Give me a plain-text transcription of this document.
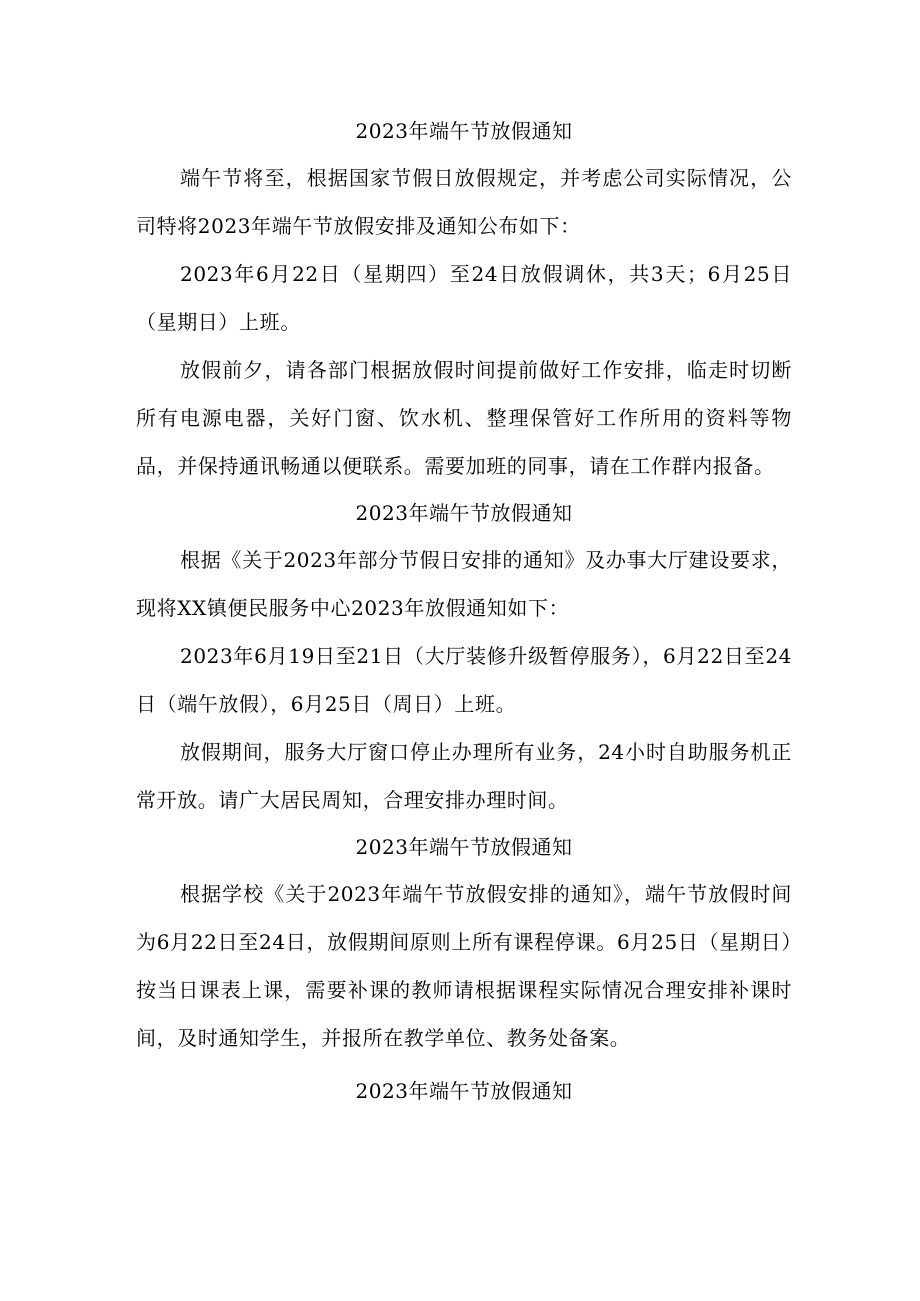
2023年端午节放假通知

端午节将至，根据国家节假日放假规定，并考虑公司实际情况，公司特将2023年端午节放假安排及通知公布如下：

2023年6月22日（星期四）至24日放假调休，共3天；6月25日（星期日）上班。

放假前夕，请各部门根据放假时间提前做好工作安排，临走时切断所有电源电器，关好门窗、饮水机、整理保管好工作所用的资料等物品，并保持通讯畅通以便联系。需要加班的同事，请在工作群内报备。

2023年端午节放假通知

根据《关于2023年部分节假日安排的通知》及办事大厅建设要求，现将XX镇便民服务中心2023年放假通知如下：

2023年6月19日至21日（大厅装修升级暂停服务），6月22日至24日（端午放假），6月25日（周日）上班。

放假期间，服务大厅窗口停止办理所有业务，24小时自助服务机正常开放。请广大居民周知，合理安排办理时间。

2023年端午节放假通知

根据学校《关于2023年端午节放假安排的通知》，端午节放假时间为6月22日至24日，放假期间原则上所有课程停课。6月25日（星期日）按当日课表上课，需要补课的教师请根据课程实际情况合理安排补课时间，及时通知学生，并报所在教学单位、教务处备案。

2023年端午节放假通知
